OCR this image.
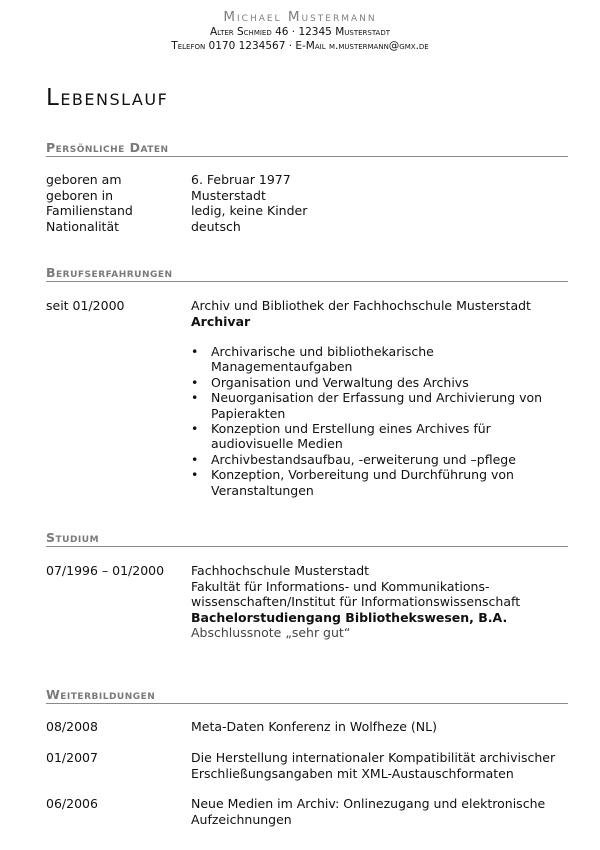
Michael Mustermann
Alter Schmied 46 · 12345 Musterstadt
Telefon 0170 1234567 · E-Mail m.mustermann@gmx.de
Lebenslauf
Persönliche Daten
geboren am	6. Februar 1977
geboren in	Musterstadt
Familienstand	ledig, keine Kinder
Nationalität	deutsch
Berufserfahrungen
seit 01/2000	Archiv und Bibliothek der Fachhochschule Musterstadt
Archivar
• Archivarische und bibliothekarische Managementaufgaben
• Organisation und Verwaltung des Archivs
• Neuorganisation der Erfassung und Archivierung von Papierakten
• Konzeption und Erstellung eines Archives für audiovisuelle Medien
• Archivbestandsaufbau, -erweiterung und –pflege
• Konzeption, Vorbereitung und Durchführung von Veranstaltungen
Studium
07/1996 – 01/2000	Fachhochschule Musterstadt
Fakultät für Informations- und Kommunikations-
wissenschaften/Institut für Informationswissenschaft
Bachelorstudiengang Bibliothekswesen, B.A.
Abschlussnote „sehr gut“
Weiterbildungen
08/2008	Meta-Daten Konferenz in Wolfheze (NL)
01/2007	Die Herstellung internationaler Kompatibilität archivischer
Erschließungsangaben mit XML-Austauschformaten
06/2006	Neue Medien im Archiv: Onlinezugang und elektronische
Aufzeichnungen
